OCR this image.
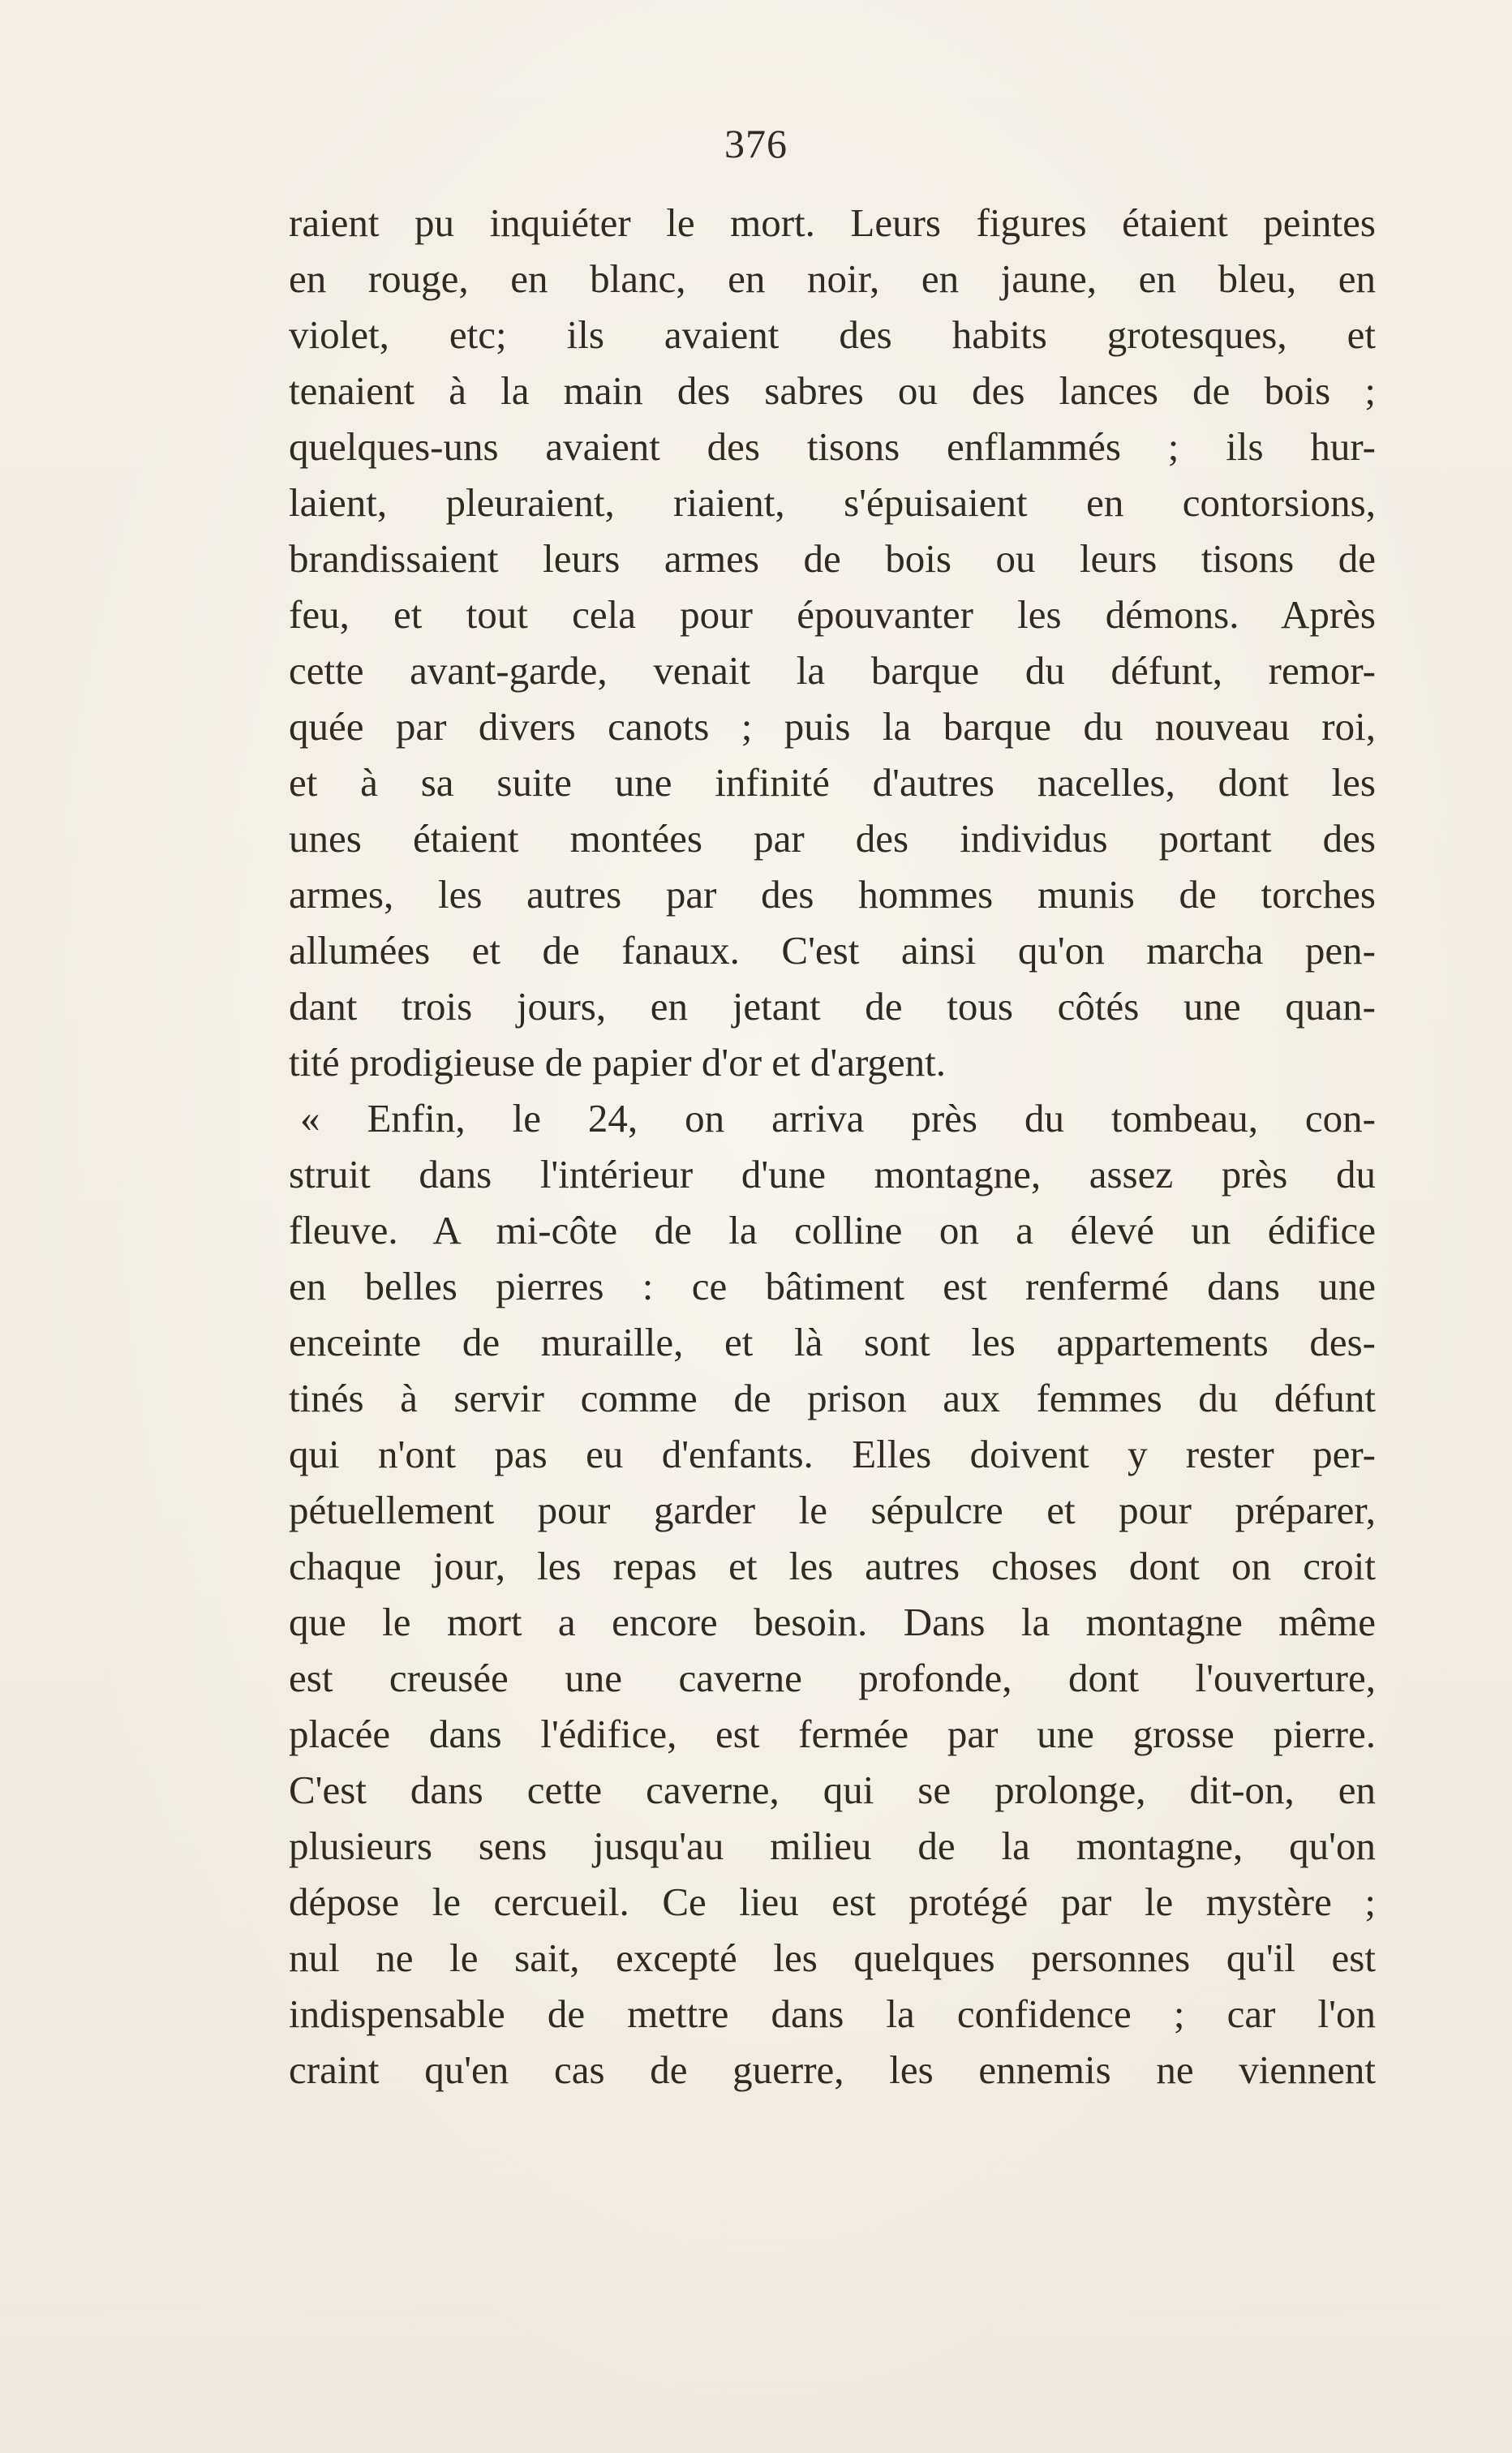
376

raient pu inquiéter le mort. Leurs figures étaient peintes
en rouge, en blanc, en noir, en jaune, en bleu, en
violet, etc; ils avaient des habits grotesques, et
tenaient à la main des sabres ou des lances de bois ;
quelques-uns avaient des tisons enflammés ; ils hur-
laient, pleuraient, riaient, s'épuisaient en contorsions,
brandissaient leurs armes de bois ou leurs tisons de
feu, et tout cela pour épouvanter les démons. Après
cette avant-garde, venait la barque du défunt, remor-
quée par divers canots ; puis la barque du nouveau roi,
et à sa suite une infinité d'autres nacelles, dont les
unes étaient montées par des individus portant des
armes, les autres par des hommes munis de torches
allumées et de fanaux. C'est ainsi qu'on marcha pen-
dant trois jours, en jetant de tous côtés une quan-
tité prodigieuse de papier d'or et d'argent.
« Enfin, le 24, on arriva près du tombeau, con-
struit dans l'intérieur d'une montagne, assez près du
fleuve. A mi-côte de la colline on a élevé un édifice
en belles pierres : ce bâtiment est renfermé dans une
enceinte de muraille, et là sont les appartements des-
tinés à servir comme de prison aux femmes du défunt
qui n'ont pas eu d'enfants. Elles doivent y rester per-
pétuellement pour garder le sépulcre et pour préparer,
chaque jour, les repas et les autres choses dont on croit
que le mort a encore besoin. Dans la montagne même
est creusée une caverne profonde, dont l'ouverture,
placée dans l'édifice, est fermée par une grosse pierre.
C'est dans cette caverne, qui se prolonge, dit-on, en
plusieurs sens jusqu'au milieu de la montagne, qu'on
dépose le cercueil. Ce lieu est protégé par le mystère ;
nul ne le sait, excepté les quelques personnes qu'il est
indispensable de mettre dans la confidence ; car l'on
craint qu'en cas de guerre, les ennemis ne viennent
